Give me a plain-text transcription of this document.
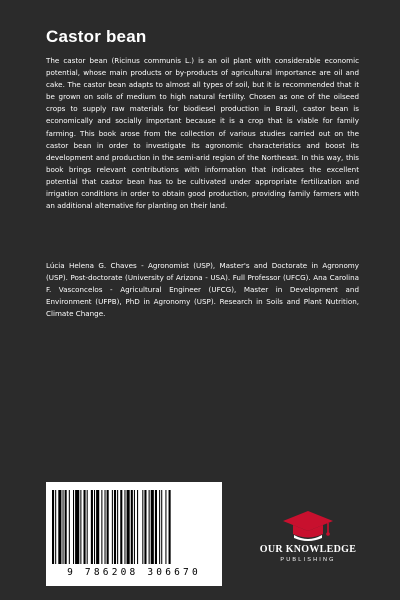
Castor bean

The castor bean (Ricinus communis L.) is an oil plant with considerable economic potential, whose main products or by-products of agricultural importance are oil and cake. The castor bean adapts to almost all types of soil, but it is recommended that it be grown on soils of medium to high natural fertility. Chosen as one of the oilseed crops to supply raw materials for biodiesel production in Brazil, castor bean is economically and socially important because it is a crop that is viable for family farming. This book arose from the collection of various studies carried out on the castor bean in order to investigate its agronomic characteristics and boost its development and production in the semi-arid region of the Northeast. In this way, this book brings relevant contributions with information that indicates the excellent potential that castor bean has to be cultivated under appropriate fertilization and irrigation conditions in order to obtain good production, providing family farmers with an additional alternative for planting on their land.

Lúcia Helena G. Chaves - Agronomist (USP), Master's and Doctorate in Agronomy (USP). Post-doctorate (University of Arizona - USA). Full Professor (UFCG). Ana Carolina F. Vasconcelos - Agricultural Engineer (UFCG), Master in Development and Environment (UFPB), PhD in Agronomy (USP). Research in Soils and Plant Nutrition, Climate Change.

9 786208 306670
OUR KNOWLEDGE
PUBLISHING
